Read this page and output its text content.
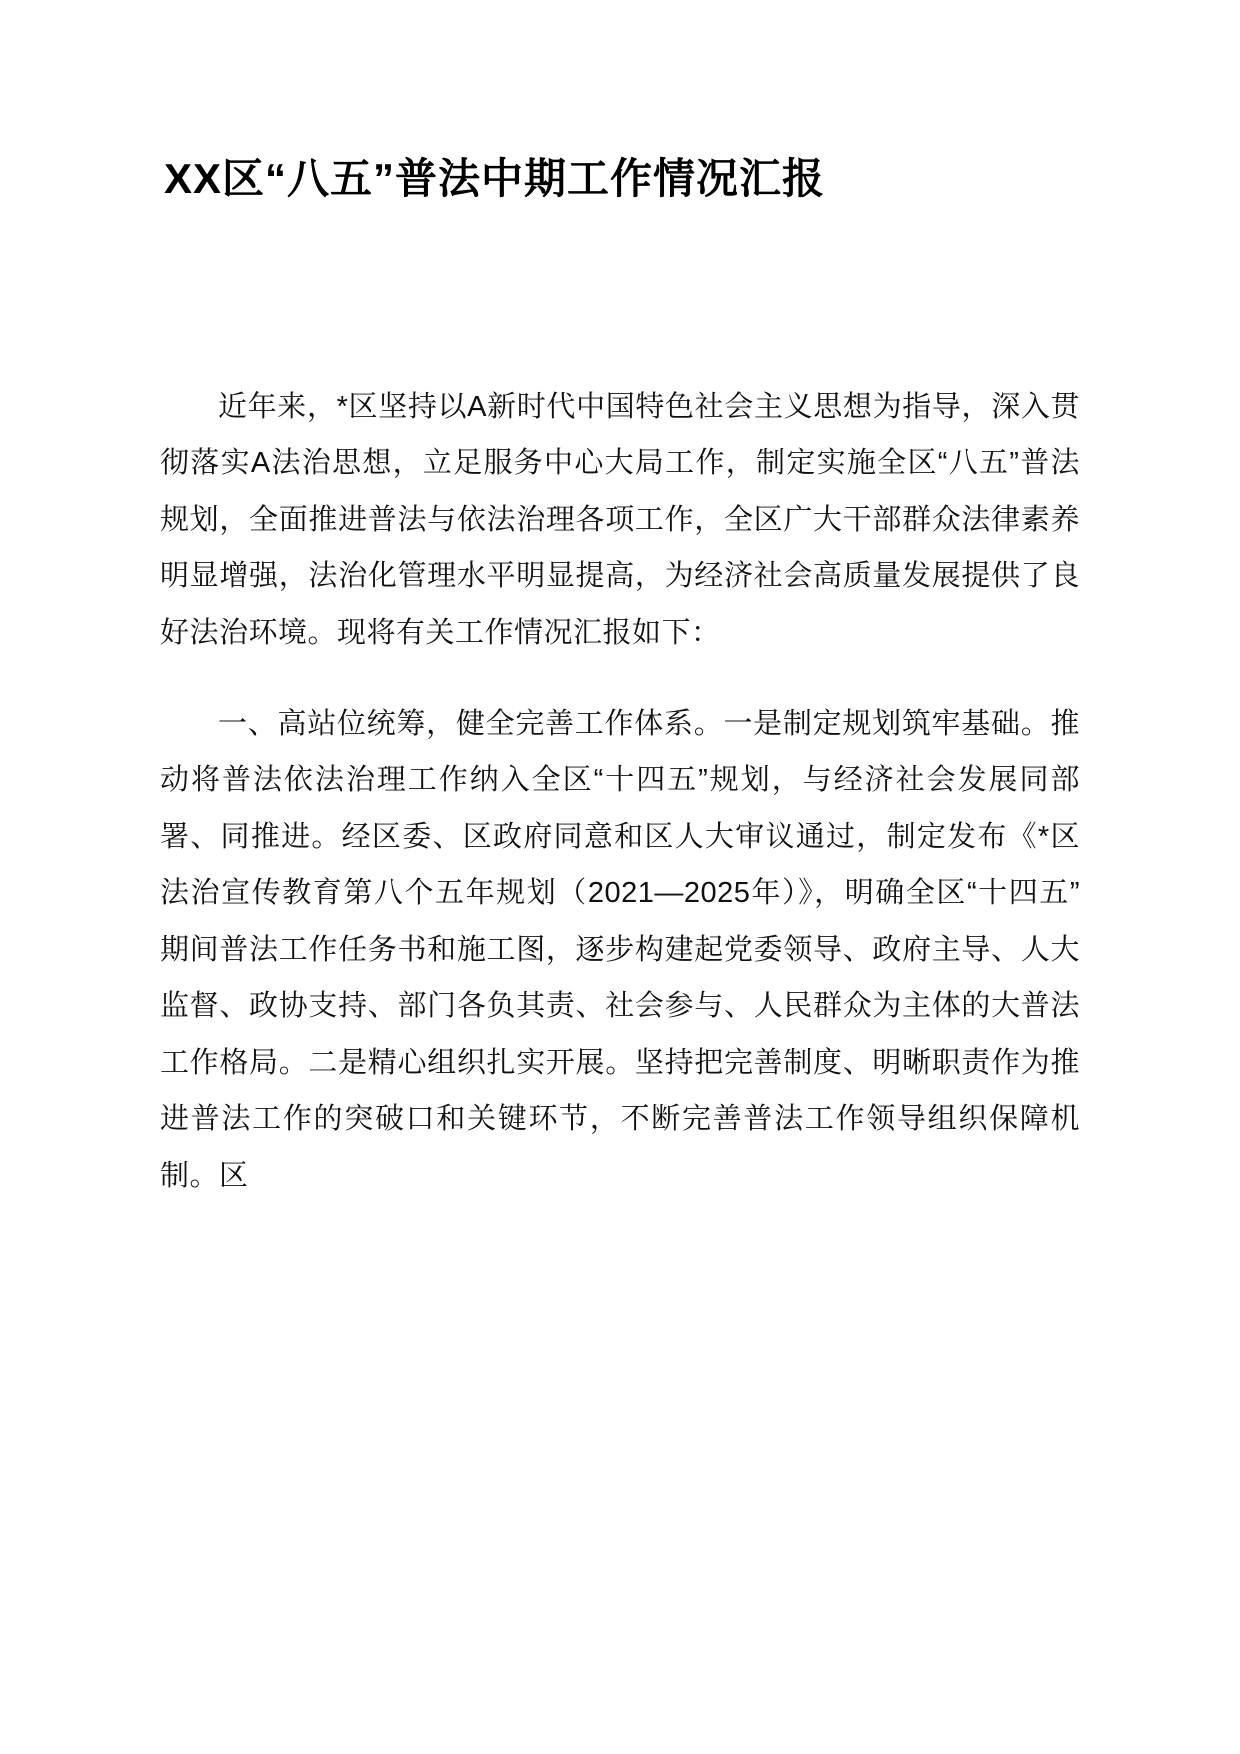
XX区“八五”普法中期工作情况汇报

近年来，*区坚持以A新时代中国特色社会主义思想为指导，深入贯彻落实A法治思想，立足服务中心大局工作，制定实施全区“八五”普法规划，全面推进普法与依法治理各项工作，全区广大干部群众法律素养明显增强，法治化管理水平明显提高，为经济社会高质量发展提供了良好法治环境。现将有关工作情况汇报如下：

一、高站位统筹，健全完善工作体系。一是制定规划筑牢基础。推动将普法依法治理工作纳入全区“十四五”规划，与经济社会发展同部署、同推进。经区委、区政府同意和区人大审议通过，制定发布《*区法治宣传教育第八个五年规划（2021—2025年）》，明确全区“十四五”期间普法工作任务书和施工图，逐步构建起党委领导、政府主导、人大监督、政协支持、部门各负其责、社会参与、人民群众为主体的大普法工作格局。二是精心组织扎实开展。坚持把完善制度、明晰职责作为推进普法工作的突破口和关键环节，不断完善普法工作领导组织保障机制。区
